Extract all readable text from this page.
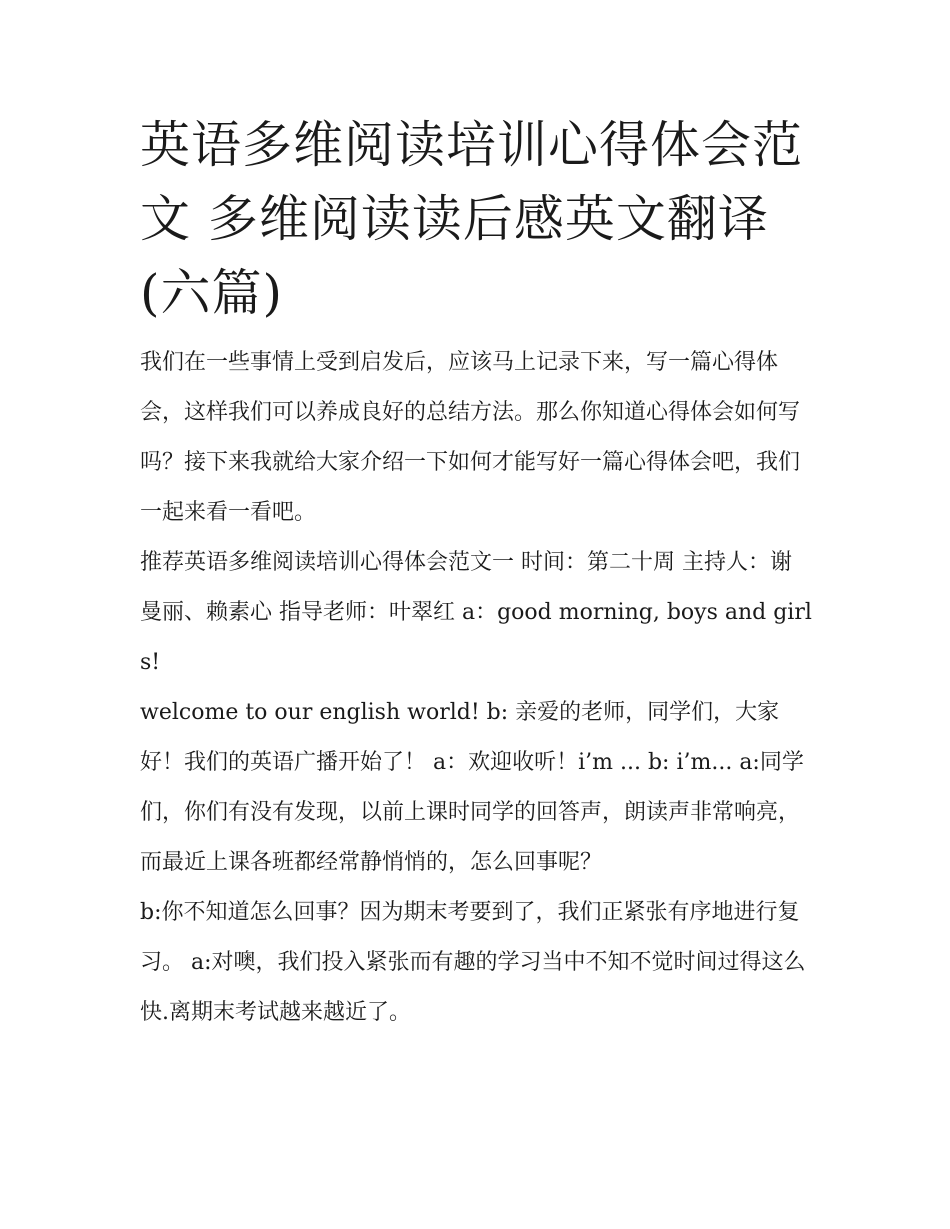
英语多维阅读培训心得体会范文 多维阅读读后感英文翻译(六篇)

我们在一些事情上受到启发后，应该马上记录下来，写一篇心得体会，这样我们可以养成良好的总结方法。那么你知道心得体会如何写吗？接下来我就给大家介绍一下如何才能写好一篇心得体会吧，我们一起来看一看吧。

推荐英语多维阅读培训心得体会范文一 时间：第二十周 主持人：谢曼丽、赖素心 指导老师：叶翠红 a：good morning, boys and girls!

welcome to our english world! b: 亲爱的老师，同学们，大家好！我们的英语广播开始了！ a：欢迎收听！i’m ... b: i’m... a:同学们，你们有没有发现，以前上课时同学的回答声，朗读声非常响亮，而最近上课各班都经常静悄悄的，怎么回事呢？

b:你不知道怎么回事？因为期末考要到了，我们正紧张有序地进行复习。 a:对噢，我们投入紧张而有趣的学习当中不知不觉时间过得这么快.离期末考试越来越近了。
